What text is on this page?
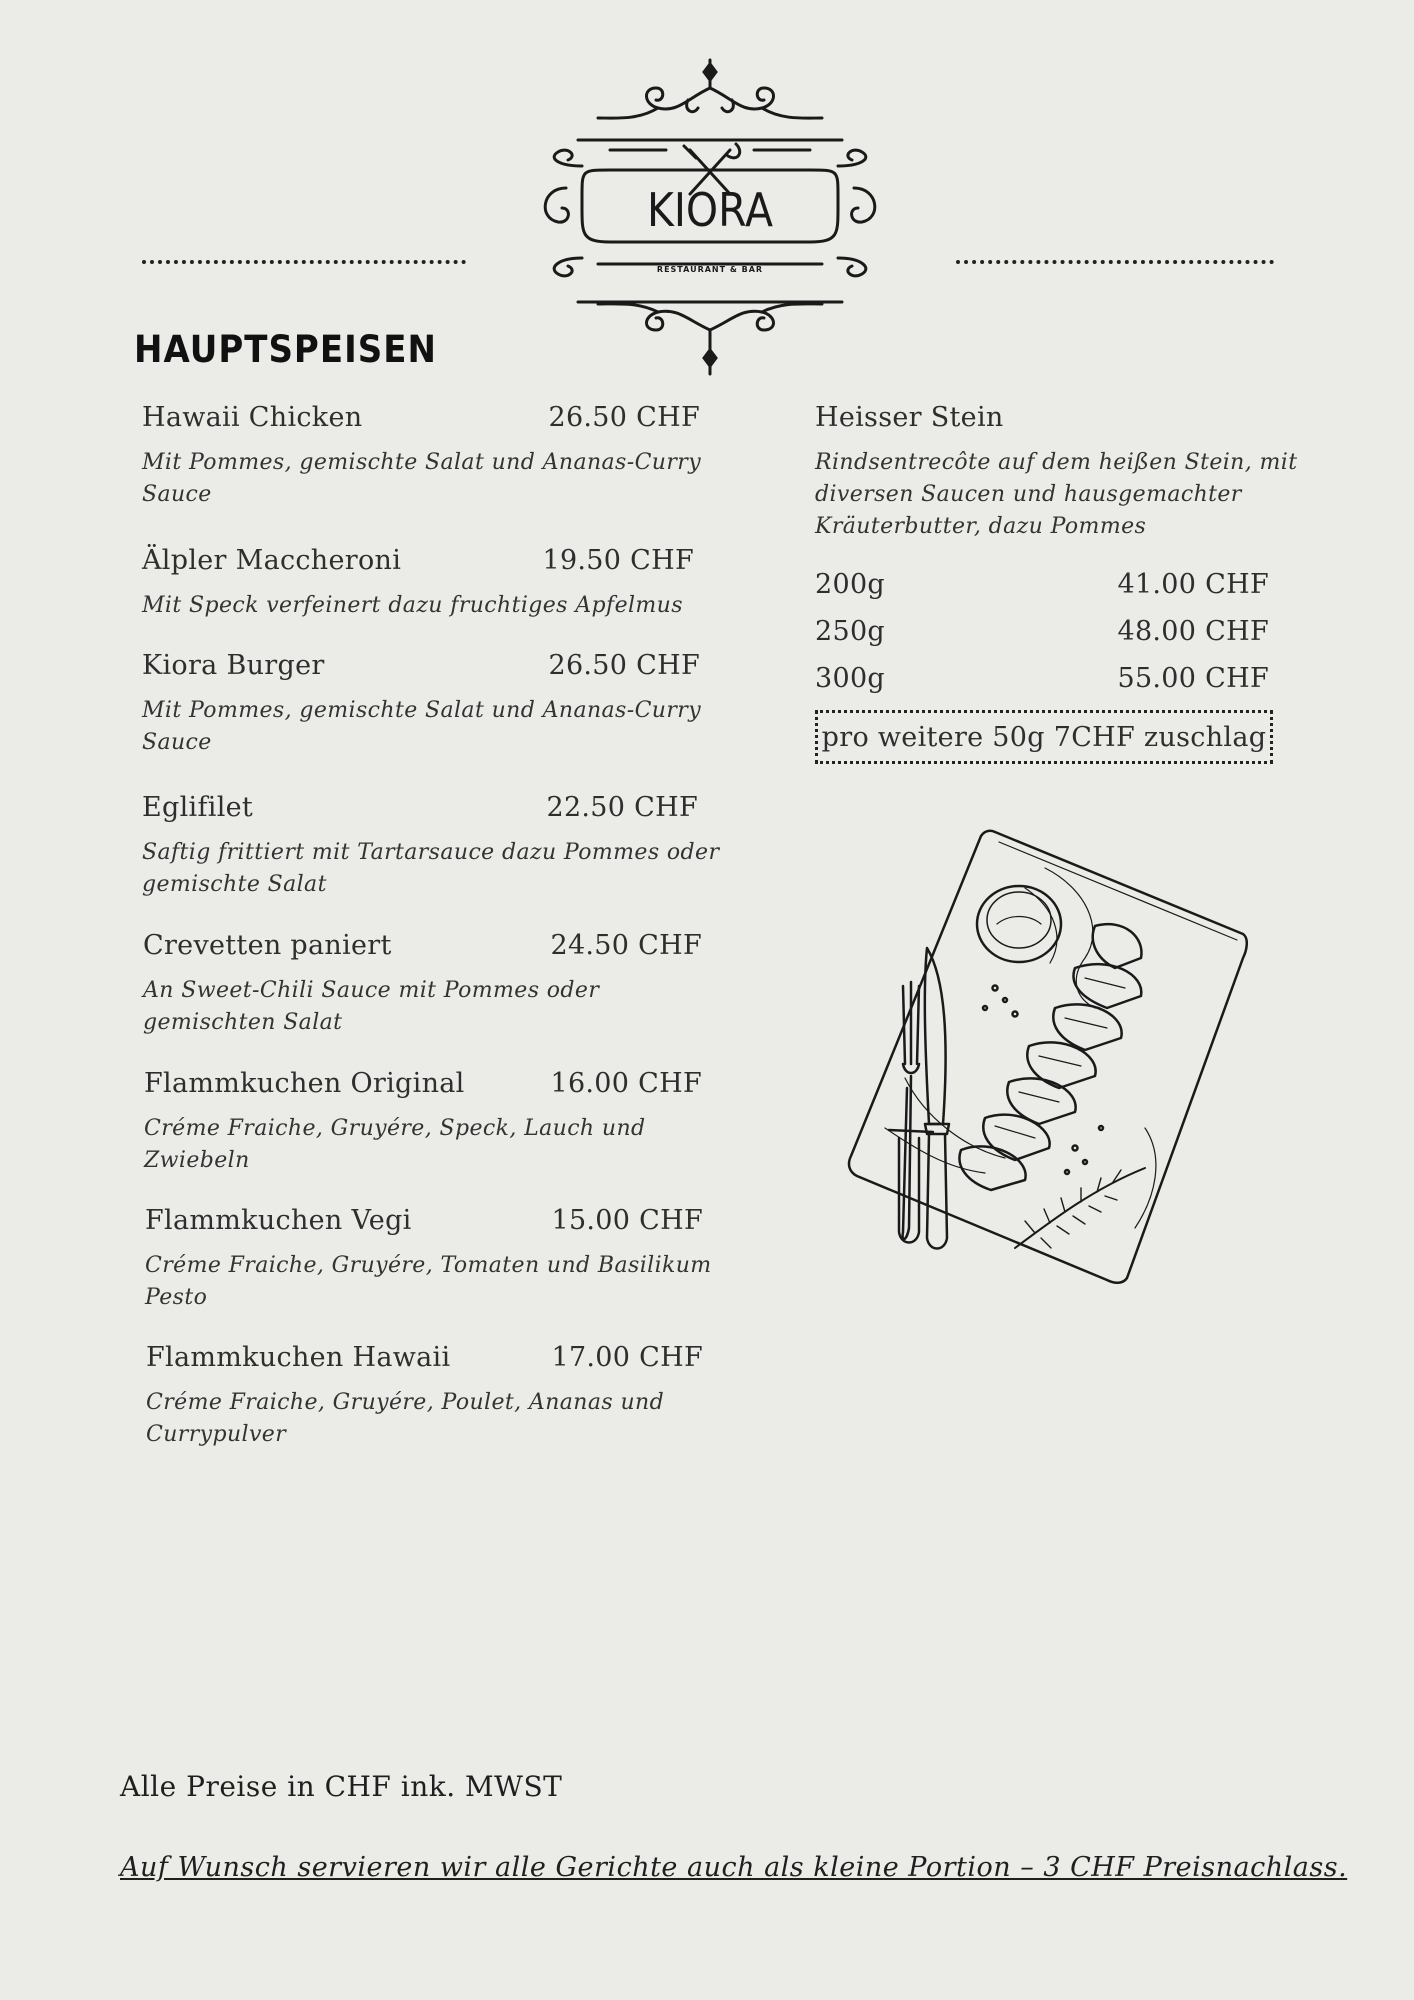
KIORA
RESTAURANT & BAR
HAUPTSPEISEN
Hawaii Chicken	26.50 CHF
Mit Pommes, gemischte Salat und Ananas-Curry Sauce
Älpler Maccheroni	19.50 CHF
Mit Speck verfeinert dazu fruchtiges Apfelmus
Kiora Burger	26.50 CHF
Mit Pommes, gemischte Salat und Ananas-Curry Sauce
Eglifilet	22.50 CHF
Saftig frittiert mit Tartarsauce dazu Pommes oder gemischte Salat
Crevetten paniert	24.50 CHF
An Sweet-Chili Sauce mit Pommes oder gemischten Salat
Flammkuchen Original	16.00 CHF
Créme Fraiche, Gruyére, Speck, Lauch und Zwiebeln
Flammkuchen Vegi	15.00 CHF
Créme Fraiche, Gruyére, Tomaten und Basilikum Pesto
Flammkuchen Hawaii	17.00 CHF
Créme Fraiche, Gruyére, Poulet, Ananas und Currypulver
Heisser Stein
Rindsentrecôte auf dem heißen Stein, mit diversen Saucen und hausgemachter Kräuterbutter, dazu Pommes
200g	41.00 CHF
250g	48.00 CHF
300g	55.00 CHF
pro weitere 50g 7CHF zuschlag
Alle Preise in CHF ink. MWST
Auf Wunsch servieren wir alle Gerichte auch als kleine Portion – 3 CHF Preisnachlass.
